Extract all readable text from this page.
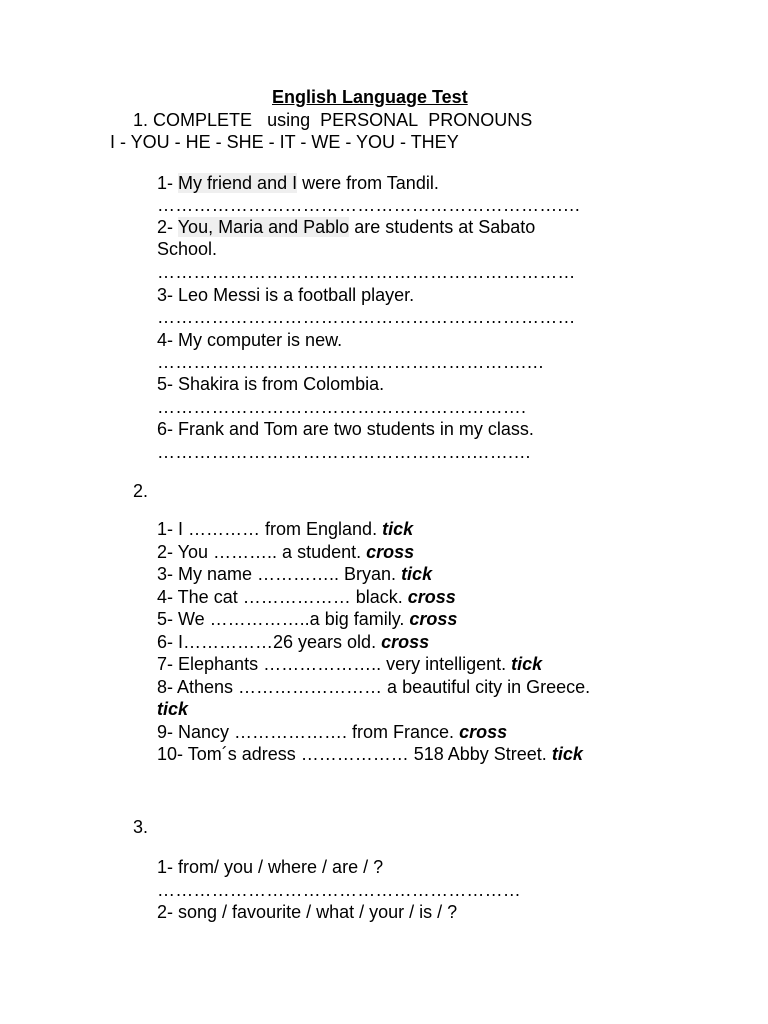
English Language Test
1. COMPLETE using PERSONAL PRONOUNS
I - YOU - HE - SHE - IT - WE - YOU - THEY
1- My friend and I were from Tandil.
………………………………………………………….…
2- You, Maria and Pablo are students at Sabato
School.
……………………………………………………………
3- Leo Messi is a football player.
……………………………………………………………
4- My computer is new.
…………………………………………………….…
5- Shakira is from Colombia.
…………………………………………………….
6- Frank and Tom are two students in my class.
…………………………………………….…….…
2.
1- I ………… from England. tick
2- You ……….. a student. cross
3- My name ………….. Bryan. tick
4- The cat ……………… black. cross
5- We ……………..a big family. cross
6- I……………26 years old. cross
7- Elephants ……………….. very intelligent. tick
8- Athens …………………… a beautiful city in Greece.
tick
9- Nancy ………………. from France. cross
10- Tom´s adress ……………… 518 Abby Street. tick
3.
1- from/ you / where / are / ?
……………………………………………………
2- song / favourite / what / your / is / ?
